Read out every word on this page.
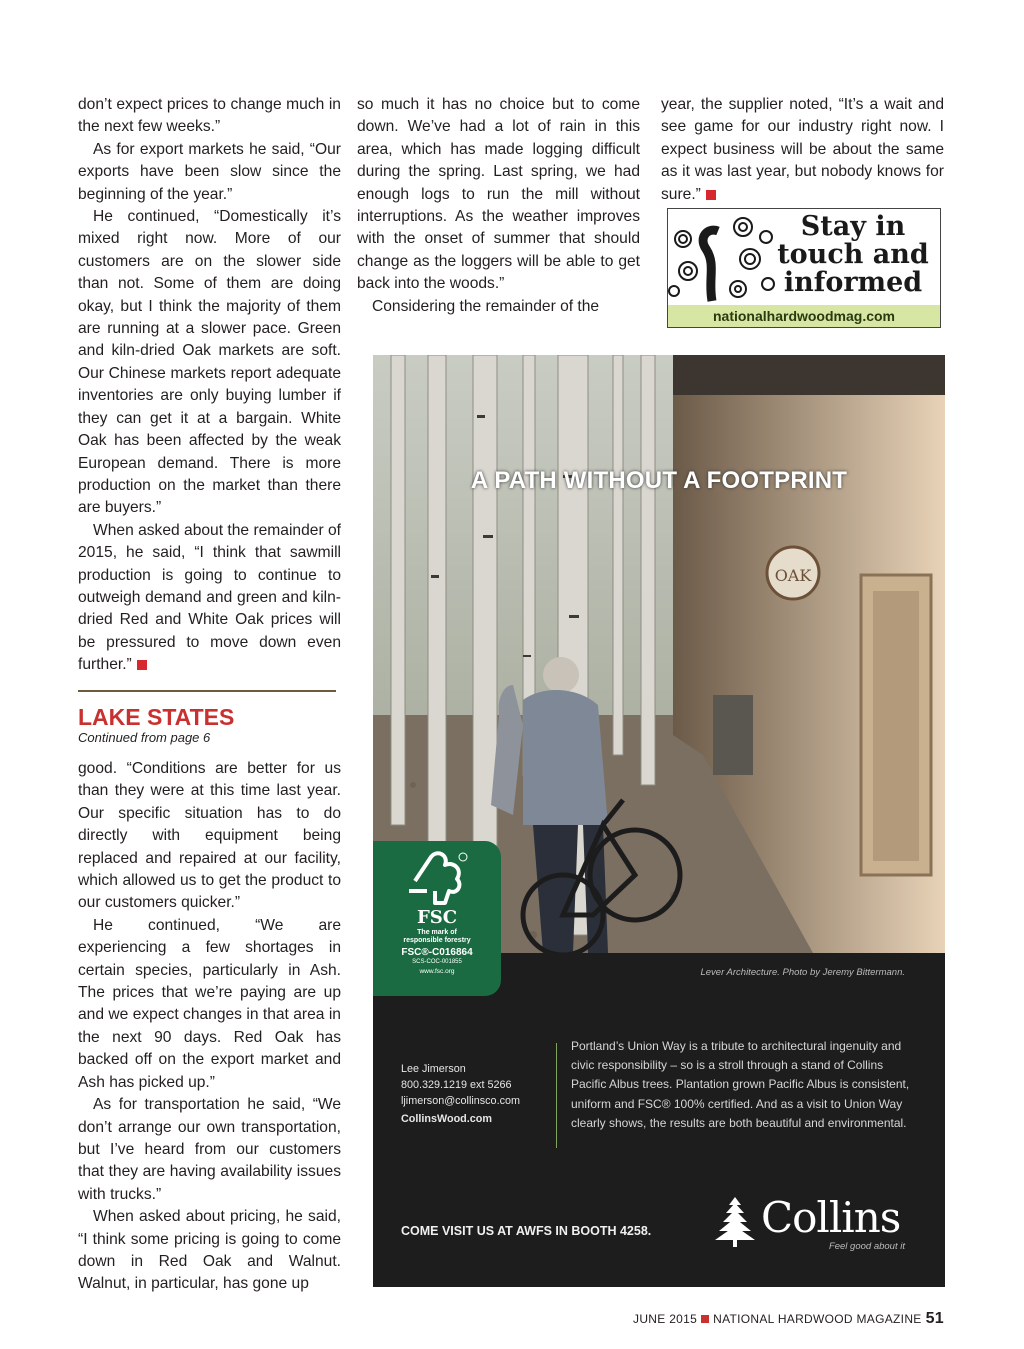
don’t expect prices to change much in the next few weeks.”

As for export markets he said, “Our exports have been slow since the beginning of the year.”

He continued, “Domestically it’s mixed right now. More of our customers are on the slower side than not. Some of them are doing okay, but I think the majority of them are running at a slower pace. Green and kiln-dried Oak markets are soft. Our Chinese markets report adequate inventories are only buying lumber if they can get it at a bargain. White Oak has been affected by the weak European demand. There is more production on the market than there are buyers.”

When asked about the remainder of 2015, he said, “I think that sawmill production is going to continue to outweigh demand and green and kiln-dried Red and White Oak prices will be pressured to move down even further.”

LAKE STATES
Continued from page 6

good. “Conditions are better for us than they were at this time last year. Our specific situation has to do directly with equipment being replaced and repaired at our facility, which allowed us to get the product to our customers quicker.”

He continued, “We are experiencing a few shortages in certain species, particularly in Ash. The prices that we’re paying are up and we expect changes in that area in the next 90 days. Red Oak has backed off on the export market and Ash has picked up.”

As for transportation he said, “We don’t arrange our own transportation, but I’ve heard from our customers that they are having availability issues with trucks.”

When asked about pricing, he said, “I think some pricing is going to come down in Red Oak and Walnut. Walnut, in particular, has gone up

so much it has no choice but to come down. We’ve had a lot of rain in this area, which has made logging difficult during the spring. Last spring, we had enough logs to run the mill without interruptions. As the weather improves with the onset of summer that should change as the loggers will be able to get back into the woods.”

Considering the remainder of the

year, the supplier noted, “It’s a wait and see game for our industry right now. I expect business will be about the same as it was last year, but nobody knows for sure.”

Stay in
touch and
informed
nationalhardwoodmag.com
OAK
A PATH WITHOUT A FOOTPRINT
FSC
The mark of
responsible forestry
FSC®-C016864
SCS-COC-001855
www.fsc.org	Lever Architecture. Photo by Jeremy Bittermann.
Lee Jimerson
800.329.1219 ext 5266
ljimerson@collinsco.com
CollinsWood.com
Portland’s Union Way is a tribute to architectural ingenuity and civic responsibility – so is a stroll through a stand of Collins Pacific Albus trees. Plantation grown Pacific Albus is consistent, uniform and FSC® 100% certified. And as a visit to Union Way clearly shows, the results are both beautiful and environmental.
COME VISIT US AT AWFS IN BOOTH 4258.	Collins
Feel good about it
JUNE 2015 NATIONAL HARDWOOD MAGAZINE 51
